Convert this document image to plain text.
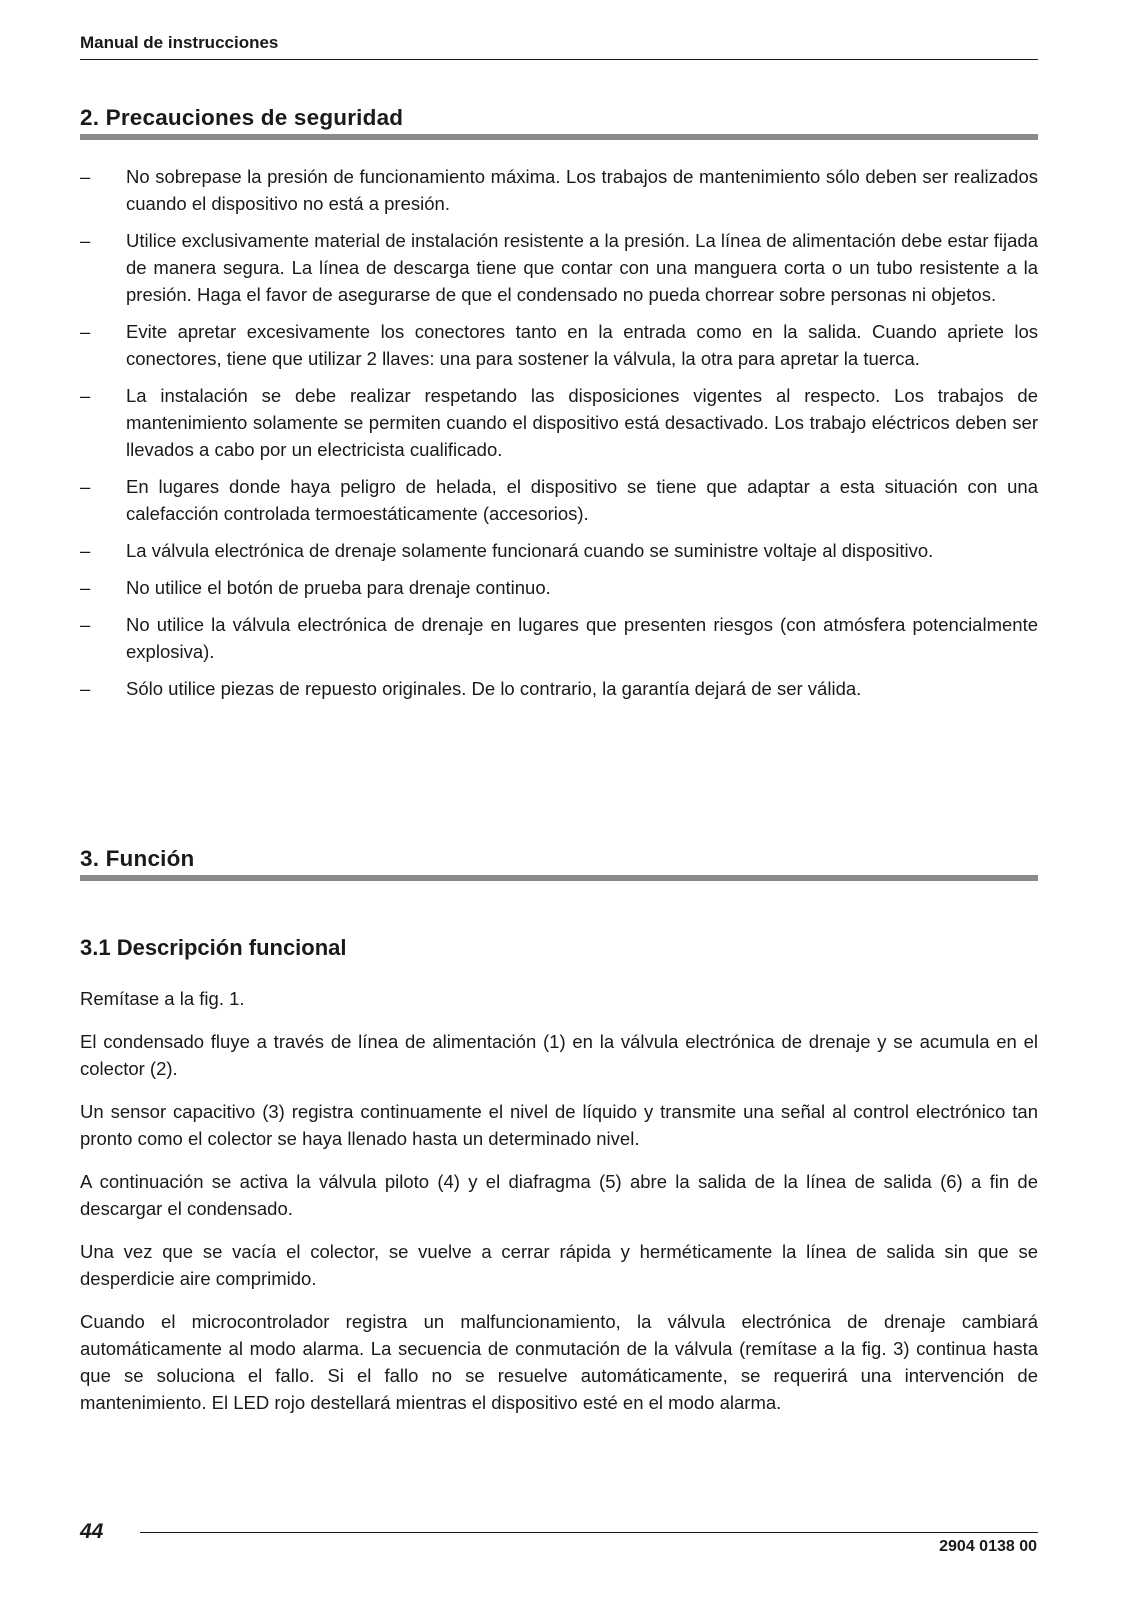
Manual de instrucciones
2. Precauciones de seguridad
– No sobrepase la presión de funcionamiento máxima. Los trabajos de mantenimiento sólo deben ser realizados cuando el dispositivo no está a presión.
– Utilice exclusivamente material de instalación resistente a la presión. La línea de alimentación debe estar fijada de manera segura. La línea de descarga tiene que contar con una manguera corta o un tubo resistente a la presión. Haga el favor de asegurarse de que el condensado no pueda chorrear sobre personas ni objetos.
– Evite apretar excesivamente los conectores tanto en la entrada como en la salida. Cuando apriete los conectores, tiene que utilizar 2 llaves: una para sostener la válvula, la otra para apretar la tuerca.
– La instalación se debe realizar respetando las disposiciones vigentes al respecto. Los trabajos de mantenimiento solamente se permiten cuando el dispositivo está desactivado. Los trabajo eléctricos deben ser llevados a cabo por un electricista cualificado.
– En lugares donde haya peligro de helada, el dispositivo se tiene que adaptar a esta situación con una calefacción controlada termoestáticamente (accesorios).
– La válvula electrónica de drenaje solamente funcionará cuando se suministre voltaje al dispositivo.
– No utilice el botón de prueba para drenaje continuo.
– No utilice la válvula electrónica de drenaje en lugares que presenten riesgos (con atmósfera potencialmente explosiva).
– Sólo utilice piezas de repuesto originales. De lo contrario, la garantía dejará de ser válida.
3. Función
3.1 Descripción funcional

Remítase a la fig. 1.

El condensado fluye a través de línea de alimentación (1) en la válvula electrónica de drenaje y se acumula en el colector (2).

Un sensor capacitivo (3) registra continuamente el nivel de líquido y transmite una señal al control electrónico tan pronto como el colector se haya llenado hasta un determinado nivel.

A continuación se activa la válvula piloto (4) y el diafragma (5) abre la salida de la línea de salida (6) a fin de descargar el condensado.

Una vez que se vacía el colector, se vuelve a cerrar rápida y herméticamente la línea de salida sin que se desperdicie aire comprimido.

Cuando el microcontrolador registra un malfuncionamiento, la válvula electrónica de drenaje cambiará automáticamente al modo alarma. La secuencia de conmutación de la válvula (remítase a la fig. 3) continua hasta que se soluciona el fallo. Si el fallo no se resuelve automáticamente, se requerirá una intervención de mantenimiento. El LED rojo destellará mientras el dispositivo esté en el modo alarma.

44
2904 0138 00
